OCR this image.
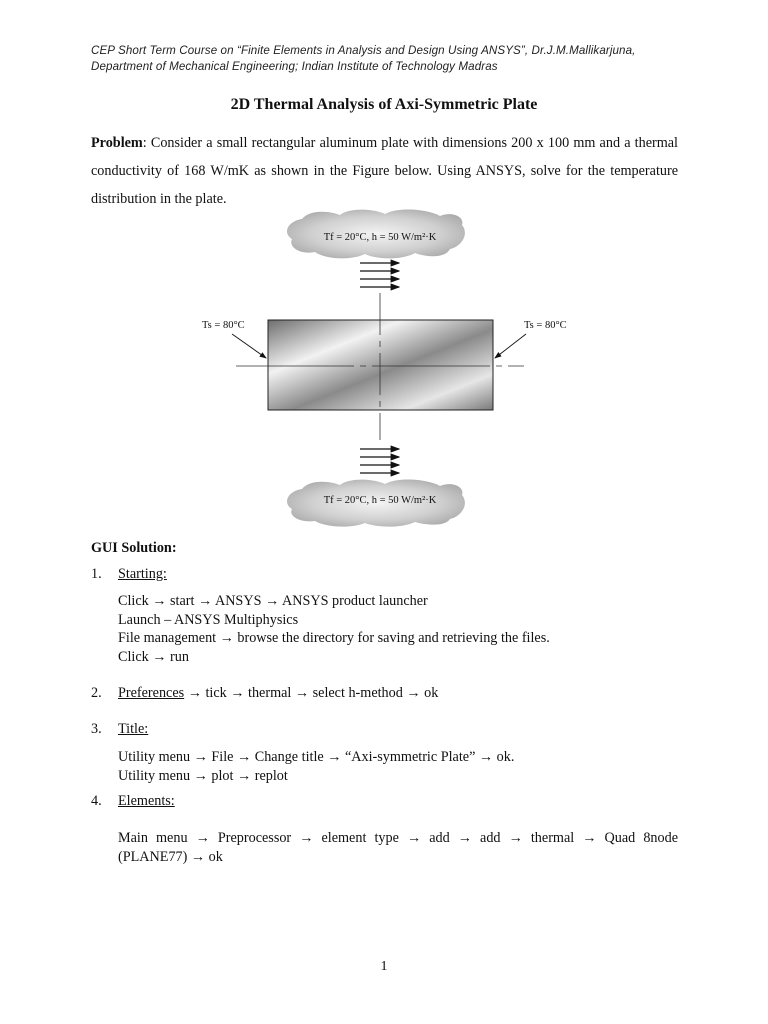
CEP Short Term Course on “Finite Elements in Analysis and Design Using ANSYS”, Dr.J.M.Mallikarjuna,
Department of Mechanical Engineering; Indian Institute of Technology Madras
2D Thermal Analysis of Axi-Symmetric Plate
Problem: Consider a small rectangular aluminum plate with dimensions 200 x 100 mm and a thermal conductivity of 168 W/mK as shown in the Figure below. Using ANSYS, solve for the temperature distribution in the plate.
Tf = 20°C, h = 50 W/m²·K
Ts = 80°C	Ts = 80°C
Tf = 20°C, h = 50 W/m²·K
GUI Solution:
1. Starting:
Click → start → ANSYS → ANSYS product launcher
Launch – ANSYS Multiphysics
File management → browse the directory for saving and retrieving the files.
Click → run
2. Preferences → tick → thermal → select h-method → ok
3. Title:
Utility menu → File → Change title → “Axi-symmetric Plate” → ok.
Utility menu → plot → replot
4. Elements:
Main menu → Preprocessor → element type → add → add → thermal → Quad 8node
(PLANE77) → ok
1
